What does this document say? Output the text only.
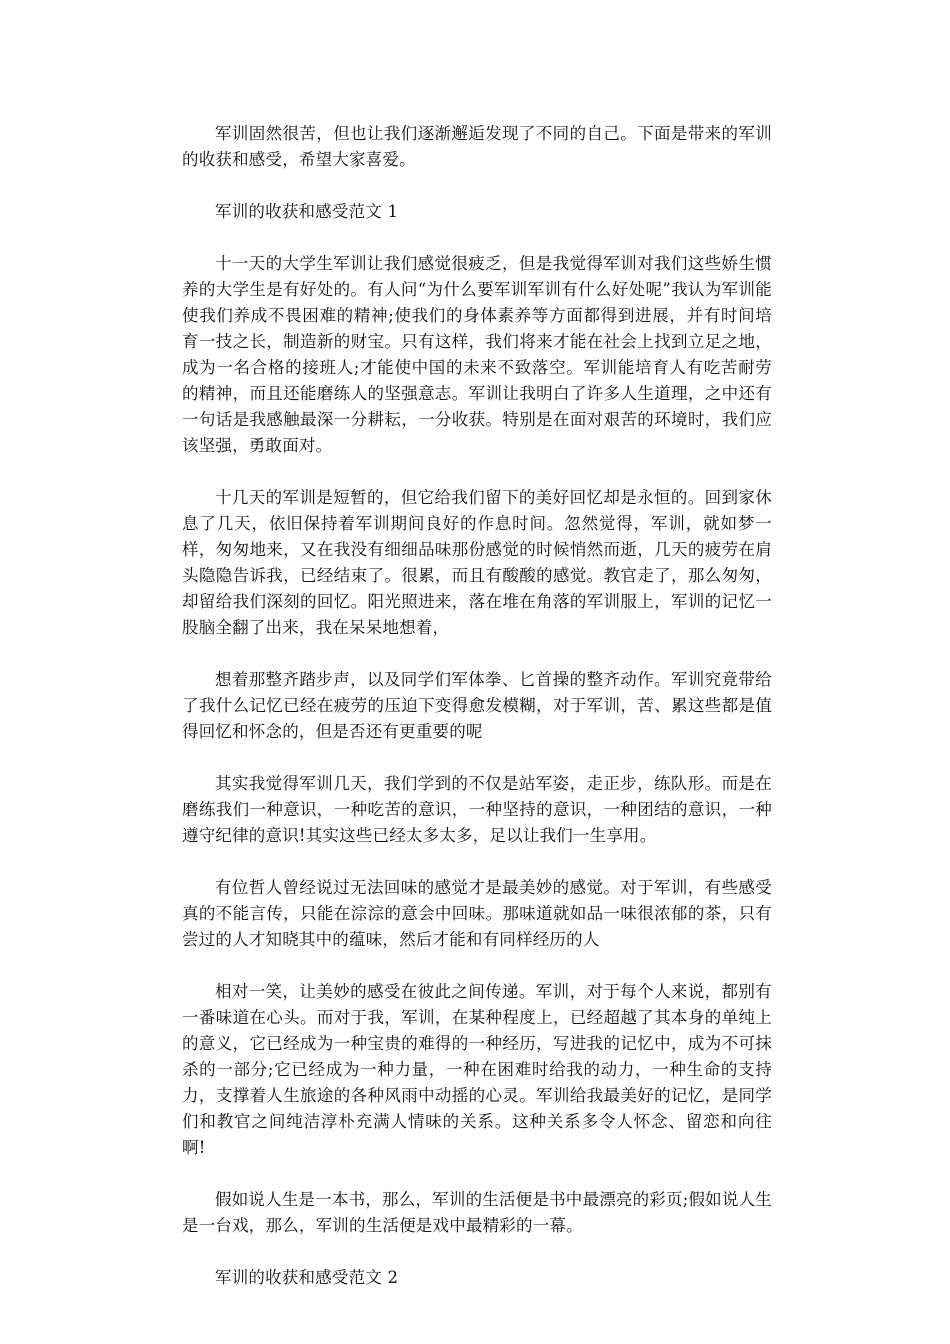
军训固然很苦，但也让我们逐渐邂逅发现了不同的自己。下面是带来的军训的收获和感受，希望大家喜爱。

军训的收获和感受范文 1

十一天的大学生军训让我们感觉很疲乏，但是我觉得军训对我们这些娇生惯养的大学生是有好处的。有人问“为什么要军训军训有什么好处呢”我认为军训能使我们养成不畏困难的精神;使我们的身体素养等方面都得到进展，并有时间培育一技之长，制造新的财宝。只有这样，我们将来才能在社会上找到立足之地，成为一名合格的接班人;才能使中国的未来不致落空。军训能培育人有吃苦耐劳的精神，而且还能磨练人的坚强意志。军训让我明白了许多人生道理，之中还有一句话是我感触最深一分耕耘，一分收获。特别是在面对艰苦的环境时，我们应该坚强，勇敢面对。

十几天的军训是短暂的，但它给我们留下的美好回忆却是永恒的。回到家休息了几天，依旧保持着军训期间良好的作息时间。忽然觉得，军训，就如梦一样，匆匆地来，又在我没有细细品味那份感觉的时候悄然而逝，几天的疲劳在肩头隐隐告诉我，已经结束了。很累，而且有酸酸的感觉。教官走了，那么匆匆，却留给我们深刻的回忆。阳光照进来，落在堆在角落的军训服上，军训的记忆一股脑全翻了出来，我在呆呆地想着，

想着那整齐踏步声，以及同学们军体拳、匕首操的整齐动作。军训究竟带给了我什么记忆已经在疲劳的压迫下变得愈发模糊，对于军训，苦、累这些都是值得回忆和怀念的，但是否还有更重要的呢

其实我觉得军训几天，我们学到的不仅是站军姿，走正步，练队形。而是在磨练我们一种意识，一种吃苦的意识，一种坚持的意识，一种团结的意识，一种遵守纪律的意识!其实这些已经太多太多，足以让我们一生享用。

有位哲人曾经说过无法回味的感觉才是最美妙的感觉。对于军训，有些感受真的不能言传，只能在淙淙的意会中回味。那味道就如品一味很浓郁的茶，只有尝过的人才知晓其中的蕴味，然后才能和有同样经历的人

相对一笑，让美妙的感受在彼此之间传递。军训，对于每个人来说，都别有一番味道在心头。而对于我，军训，在某种程度上，已经超越了其本身的单纯上的意义，它已经成为一种宝贵的难得的一种经历，写进我的记忆中，成为不可抹杀的一部分;它已经成为一种力量，一种在困难时给我的动力，一种生命的支持力，支撑着人生旅途的各种风雨中动摇的心灵。军训给我最美好的记忆，是同学们和教官之间纯洁淳朴充满人情味的关系。这种关系多令人怀念、留恋和向往啊!

假如说人生是一本书，那么，军训的生活便是书中最漂亮的彩页;假如说人生是一台戏，那么，军训的生活便是戏中最精彩的一幕。

军训的收获和感受范文 2
